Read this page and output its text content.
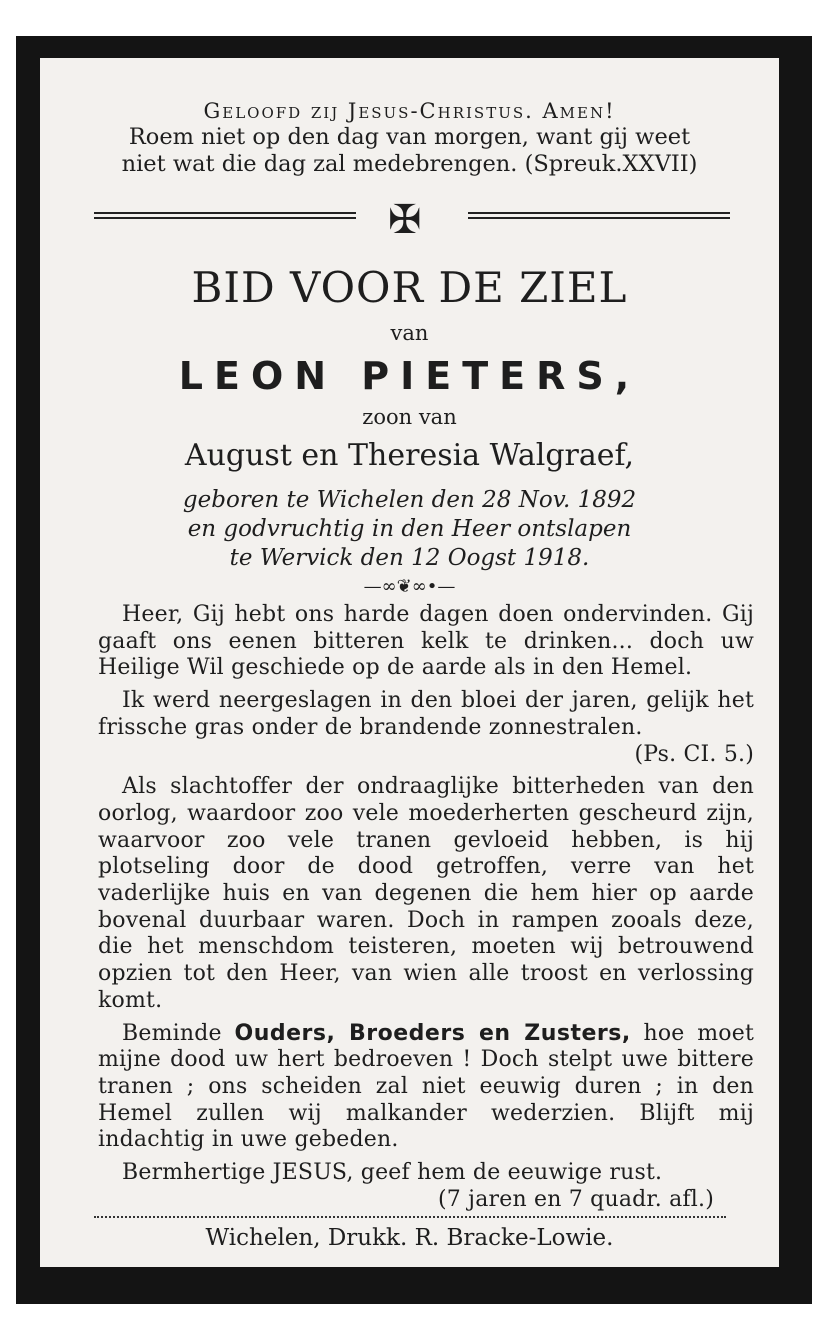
Geloofd zij Jesus-Christus. Amen!
Roem niet op den dag van morgen, want gij weet
niet wat die dag zal medebrengen. (Spreuk.XXVII)
✠
BID VOOR DE ZIEL
van
LEON PIETERS,
zoon van
August en Theresia Walgraef,
geboren te Wichelen den 28 Nov. 1892
en godvruchtig in den Heer ontslapen
te Wervick den 12 Oogst 1918.
—∞❦∞•—

Heer, Gij hebt ons harde dagen doen ondervinden. Gij gaaft ons eenen bitteren kelk te drinken... doch uw Heilige Wil geschiede op de aarde als in den Hemel.

Ik werd neergeslagen in den bloei der jaren, gelijk het frissche gras onder de brandende zonnestralen.
(Ps. CI. 5.)

Als slachtoffer der ondraaglijke bitterheden van den oorlog, waardoor zoo vele moederherten gescheurd zijn, waarvoor zoo vele tranen gevloeid hebben, is hij plotseling door de dood getroffen, verre van het vaderlijke huis en van degenen die hem hier op aarde bovenal duurbaar waren. Doch in rampen zooals deze, die het menschdom teisteren, moeten wij betrouwend opzien tot den Heer, van wien alle troost en verlossing komt.

Beminde Ouders, Broeders en Zusters, hoe moet mijne dood uw hert bedroeven ! Doch stelpt uwe bittere tranen ; ons scheiden zal niet eeuwig duren ; in den Hemel zullen wij malkander wederzien. Blijft mij indachtig in uwe gebeden.

Bermhertige JESUS, geef hem de eeuwige rust.

(7 jaren en 7 quadr. afl.)
Wichelen, Drukk. R. Bracke-Lowie.
